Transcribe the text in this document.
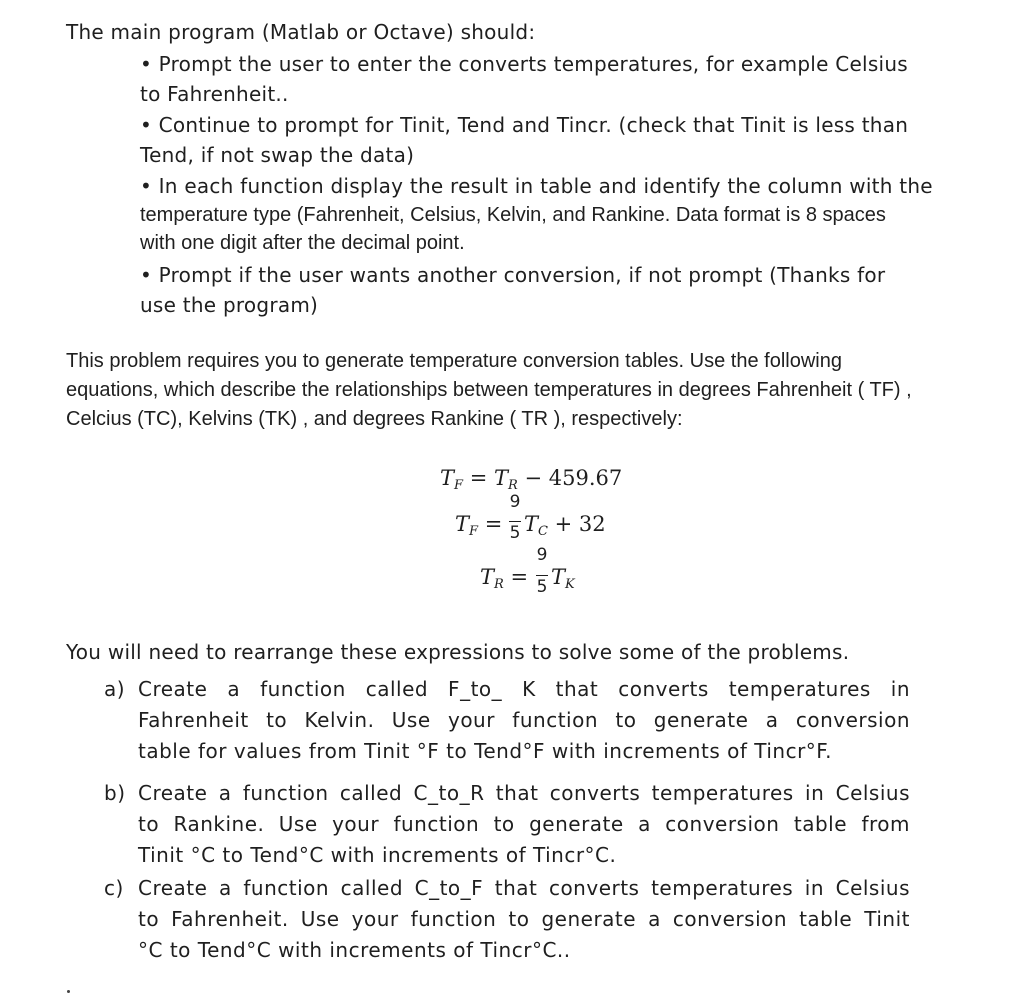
The main program (Matlab or Octave) should:
• Prompt the user to enter the converts temperatures, for example Celsius
to Fahrenheit..
• Continue to prompt for Tinit, Tend and Tincr. (check that Tinit is less than
Tend, if not swap the data)
• In each function display the result in table and identify the column with the
temperature type (Fahrenheit, Celsius, Kelvin, and Rankine. Data format is 8 spaces
with one digit after the decimal point.
• Prompt if the user wants another conversion, if not prompt (Thanks for
use the program)
This problem requires you to generate temperature conversion tables. Use the following
equations, which describe the relationships between temperatures in degrees Fahrenheit ( TF) ,
Celcius (TC), Kelvins (TK) , and degrees Rankine ( TR ), respectively:
$T_F = T_R - 459.67$
$T_F$ =
9
5 $T_C + 32$
$T_R$ =
9
5 $T_K$
You will need to rearrange these expressions to solve some of the problems.
a) Create a function called F_to_ K that converts temperatures in
Fahrenheit to Kelvin. Use your function to generate a conversion
table for values from Tinit °F to Tend°F with increments of Tincr°F.
b) Create a function called C_to_R that converts temperatures in Celsius
to Rankine. Use your function to generate a conversion table from
Tinit °C to Tend°C with increments of Tincr°C.
c) Create a function called C_to_F that converts temperatures in Celsius
to Fahrenheit. Use your function to generate a conversion table Tinit
°C to Tend°C with increments of Tincr°C..
